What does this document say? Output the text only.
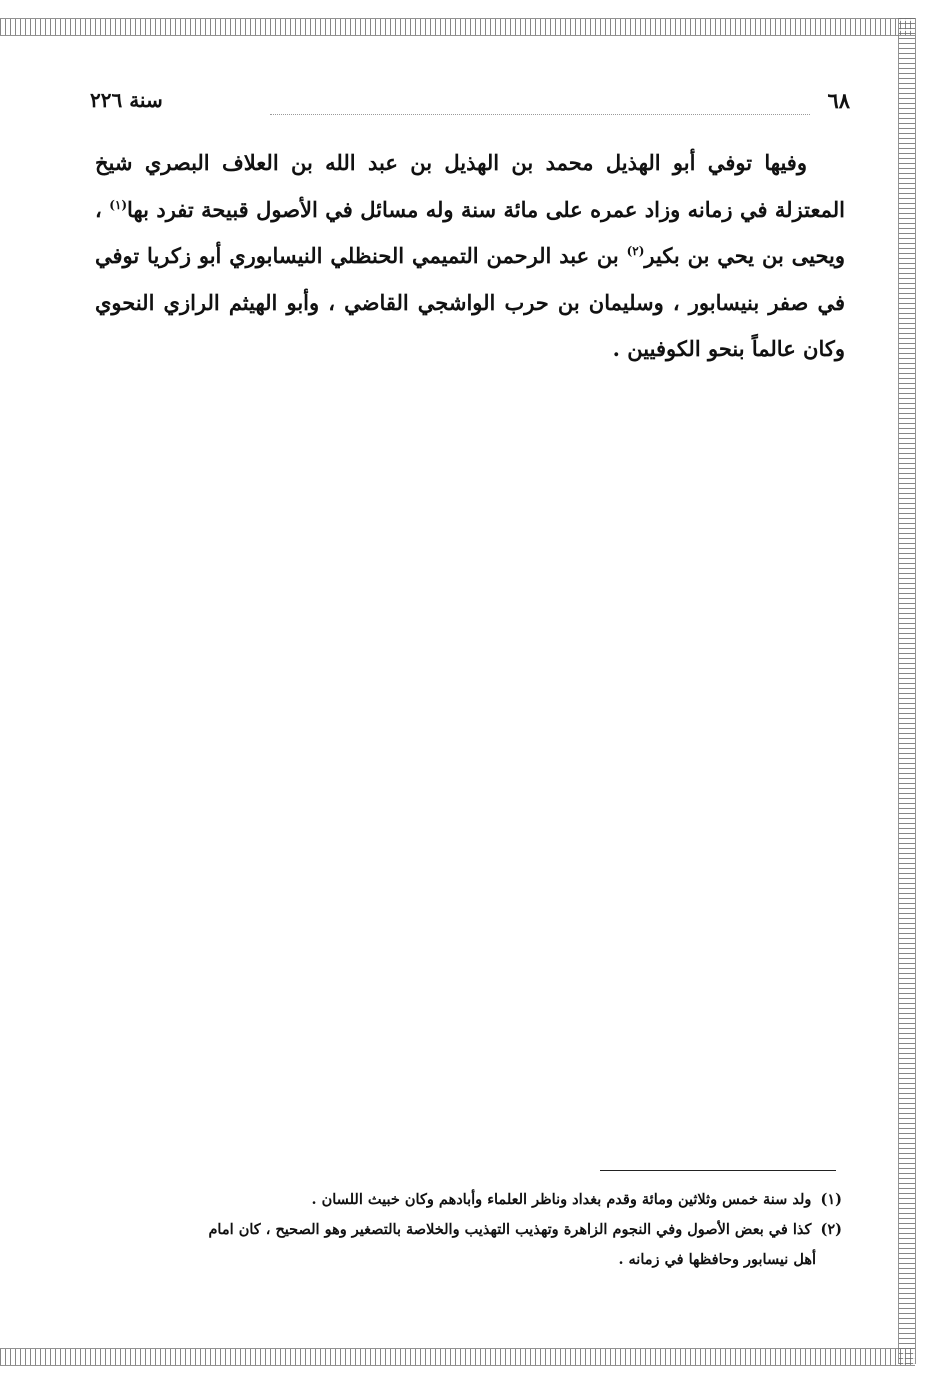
٦٨
سنة ٢٢٦

وفيها توفي أبو الهذيل محمد بن الهذيل بن عبد الله بن العلاف البصري شيخ المعتزلة في زمانه وزاد عمره على مائة سنة وله مسائل في الأصول قبيحة تفرد بها$^{(١)}$ ، ويحيى بن يحي بن بكير$^{(٢)}$ بن عبد الرحمن التميمي الحنظلي النيسابوري أبو زكريا توفي في صفر بنيسابور ، وسليمان بن حرب الواشجي القاضي ، وأبو الهيثم الرازي النحوي وكان عالماً بنحو الكوفيين .

(١) ولد سنة خمس وثلاثين ومائة وقدم بغداد وناظر العلماء وأبادهم وكان خبيث اللسان .

(٢) كذا في بعض الأصول وفي النجوم الزاهرة وتهذيب التهذيب والخلاصة بالتصغير وهو الصحيح ، كان امام

أهل نيسابور وحافظها في زمانه .
